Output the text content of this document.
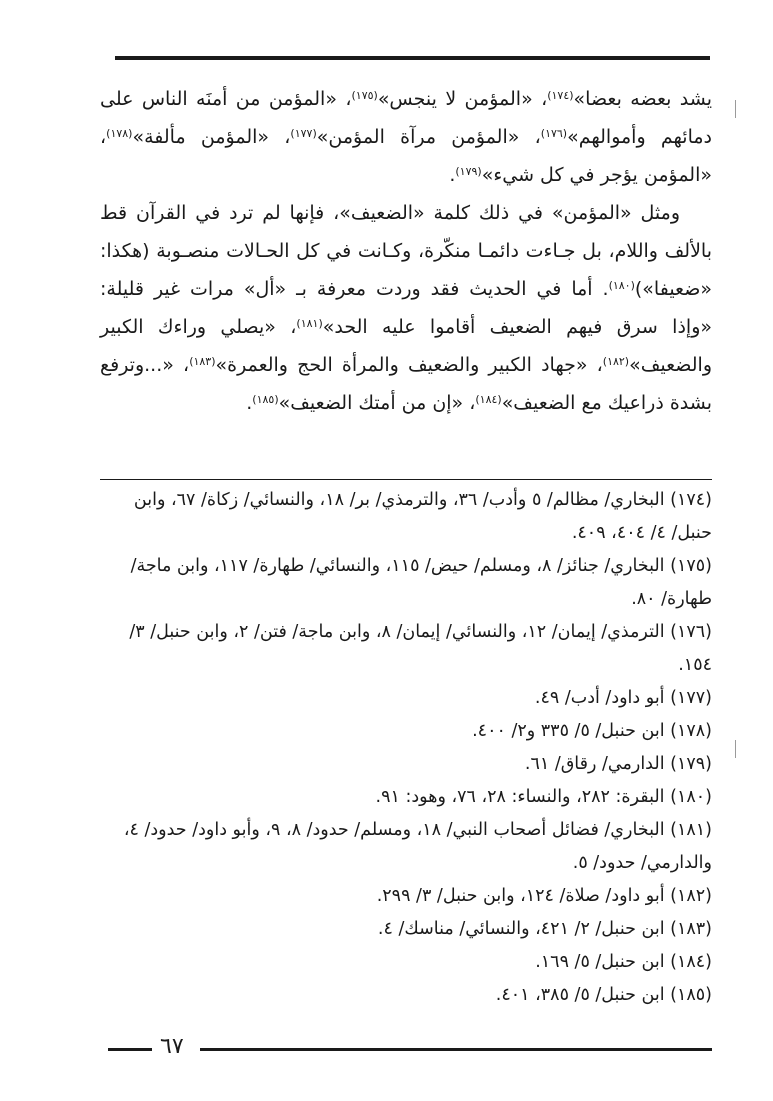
يشد بعضه بعضا»$^{(١٧٤)}$، «المؤمن لا ينجس»$^{(١٧٥)}$، «المؤمن من أمنَه الناس على دمائهم وأموالهم»$^{(١٧٦)}$، «المؤمن مرآة المؤمن»$^{(١٧٧)}$، «المؤمن مألفة»$^{(١٧٨)}$، «المؤمن يؤجر في كل شيء»$^{(١٧٩)}$.

ومثل «المؤمن» في ذلك كلمة «الضعيف»، فإنها لم ترد في القرآن قط بالألف واللام، بل جـاءت دائمـا منكّرة، وكـانت في كل الحـالات منصـوبة (هكذا: «ضعيفا»)$^{(١٨٠)}$. أما في الحديث فقد وردت معرفة بـ «أل» مرات غير قليلة: «وإذا سرق فيهم الضعيف أقاموا عليه الحد»$^{(١٨١)}$، «يصلي وراءك الكبير والضعيف»$^{(١٨٢)}$، «جهاد الكبير والضعيف والمرأة الحج والعمرة»$^{(١٨٣)}$، «...وترفع بشدة ذراعيك مع الضعيف»$^{(١٨٤)}$، «إن من أمتك الضعيف»$^{(١٨٥)}$.

(١٧٤) البخاري/ مظالم/ ٥ وأدب/ ٣٦، والترمذي/ بر/ ١٨، والنسائي/ زكاة/ ٦٧، وابن حنبل/ ٤/ ٤٠٤، ٤٠٩.

(١٧٥) البخاري/ جنائز/ ٨، ومسلم/ حيض/ ١١٥، والنسائي/ طهارة/ ١١٧، وابن ماجة/ طهارة/ ٨٠.

(١٧٦) الترمذي/ إيمان/ ١٢، والنسائي/ إيمان/ ٨، وابن ماجة/ فتن/ ٢، وابن حنبل/ ٣/ ١٥٤.

(١٧٧) أبو داود/ أدب/ ٤٩.

(١٧٨) ابن حنبل/ ٥/ ٣٣٥ و٢/ ٤٠٠.

(١٧٩) الدارمي/ رقاق/ ٦١.

(١٨٠) البقرة: ٢٨٢، والنساء: ٢٨، ٧٦، وهود: ٩١.

(١٨١) البخاري/ فضائل أصحاب النبي/ ١٨، ومسلم/ حدود/ ٨، ٩، وأبو داود/ حدود/ ٤، والدارمي/ حدود/ ٥.

(١٨٢) أبو داود/ صلاة/ ١٢٤، وابن حنبل/ ٣/ ٢٩٩.

(١٨٣) ابن حنبل/ ٢/ ٤٢١، والنسائي/ مناسك/ ٤.

(١٨٤) ابن حنبل/ ٥/ ١٦٩.

(١٨٥) ابن حنبل/ ٥/ ٣٨٥، ٤٠١.

٦٧
